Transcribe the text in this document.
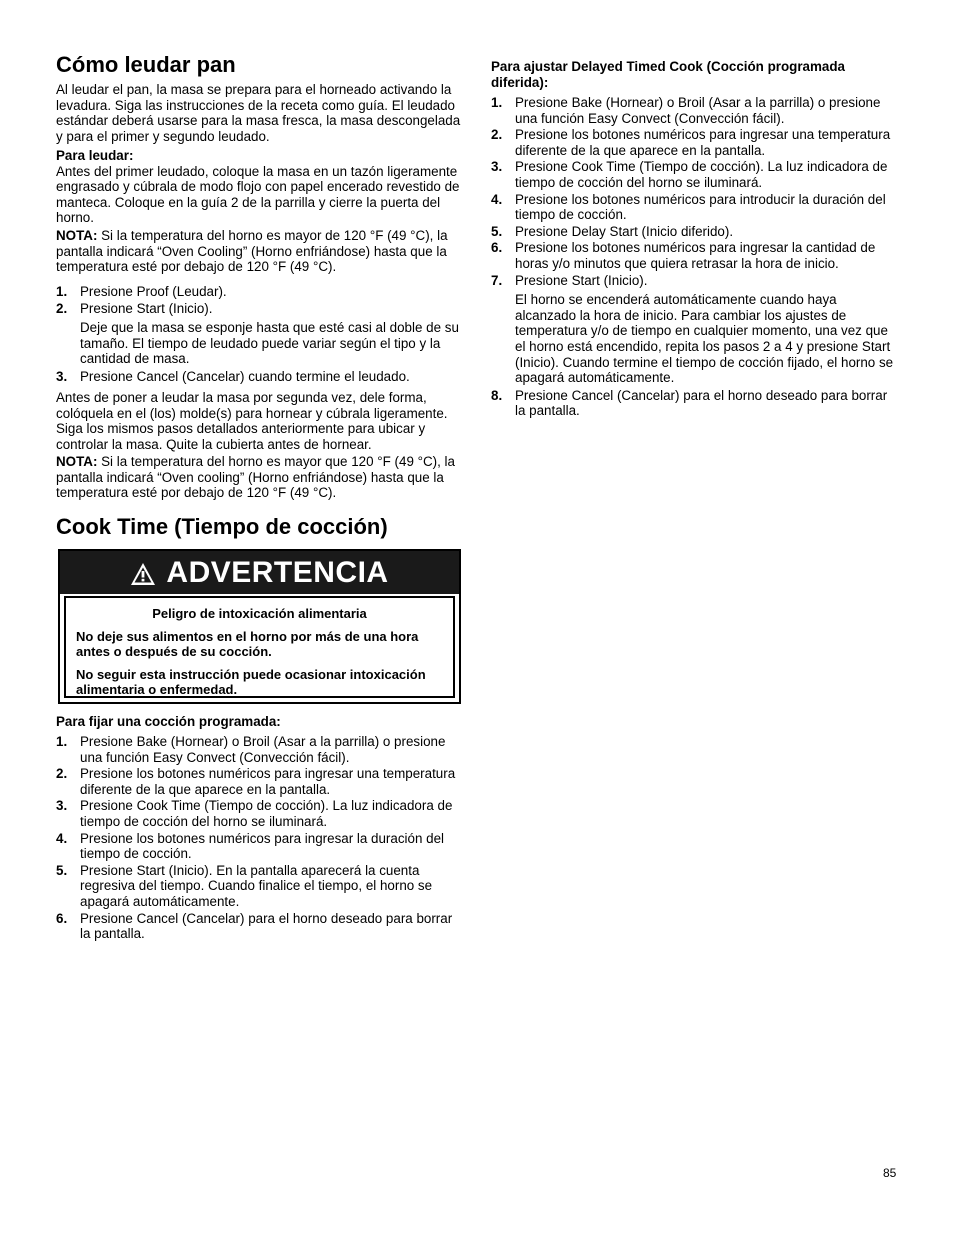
Cómo leudar pan

Al leudar el pan, la masa se prepara para el horneado activando la levadura. Siga las instrucciones de la receta como guía. El leudado estándar deberá usarse para la masa fresca, la masa descongelada y para el primer y segundo leudado.

Para leudar:

Antes del primer leudado, coloque la masa en un tazón ligeramente engrasado y cúbrala de modo flojo con papel encerado revestido de manteca. Coloque en la guía 2 de la parrilla y cierre la puerta del horno.

NOTA: Si la temperatura del horno es mayor de 120 °F (49 °C), la pantalla indicará “Oven Cooling” (Horno enfriándose) hasta que la temperatura esté por debajo de 120 °F (49 °C).

1. Presione Proof (Leudar).
2. Presione Start (Inicio).

Deje que la masa se esponje hasta que esté casi al doble de su tamaño. El tiempo de leudado puede variar según el tipo y la cantidad de masa.

3. Presione Cancel (Cancelar) cuando termine el leudado.

Antes de poner a leudar la masa por segunda vez, dele forma, colóquela en el (los) molde(s) para hornear y cúbrala ligeramente. Siga los mismos pasos detallados anteriormente para ubicar y controlar la masa. Quite la cubierta antes de hornear.

NOTA: Si la temperatura del horno es mayor que 120 °F (49 °C), la pantalla indicará “Oven cooling” (Horno enfriándose) hasta que la temperatura esté por debajo de 120 °F (49 °C).

Cook Time (Tiempo de cocción)
ADVERTENCIA

Peligro de intoxicación alimentaria

No deje sus alimentos en el horno por más de una hora antes o después de su cocción.

No seguir esta instrucción puede ocasionar intoxicación alimentaria o enfermedad.

Para fijar una cocción programada:

1. Presione Bake (Hornear) o Broil (Asar a la parrilla) o presione una función Easy Convect (Convección fácil).
2. Presione los botones numéricos para ingresar una temperatura diferente de la que aparece en la pantalla.
3. Presione Cook Time (Tiempo de cocción). La luz indicadora de tiempo de cocción del horno se iluminará.
4. Presione los botones numéricos para ingresar la duración del tiempo de cocción.
5. Presione Start (Inicio). En la pantalla aparecerá la cuenta regresiva del tiempo. Cuando finalice el tiempo, el horno se apagará automáticamente.
6. Presione Cancel (Cancelar) para el horno deseado para borrar la pantalla.

Para ajustar Delayed Timed Cook (Cocción programada diferida):

1. Presione Bake (Hornear) o Broil (Asar a la parrilla) o presione una función Easy Convect (Convección fácil).
2. Presione los botones numéricos para ingresar una temperatura diferente de la que aparece en la pantalla.
3. Presione Cook Time (Tiempo de cocción). La luz indicadora de tiempo de cocción del horno se iluminará.
4. Presione los botones numéricos para introducir la duración del tiempo de cocción.
5. Presione Delay Start (Inicio diferido).
6. Presione los botones numéricos para ingresar la cantidad de horas y/o minutos que quiera retrasar la hora de inicio.
7. Presione Start (Inicio).

El horno se encenderá automáticamente cuando haya alcanzado la hora de inicio. Para cambiar los ajustes de temperatura y/o de tiempo en cualquier momento, una vez que el horno está encendido, repita los pasos 2 a 4 y presione Start (Inicio). Cuando termine el tiempo de cocción fijado, el horno se apagará automáticamente.

8. Presione Cancel (Cancelar) para el horno deseado para borrar la pantalla.
85
